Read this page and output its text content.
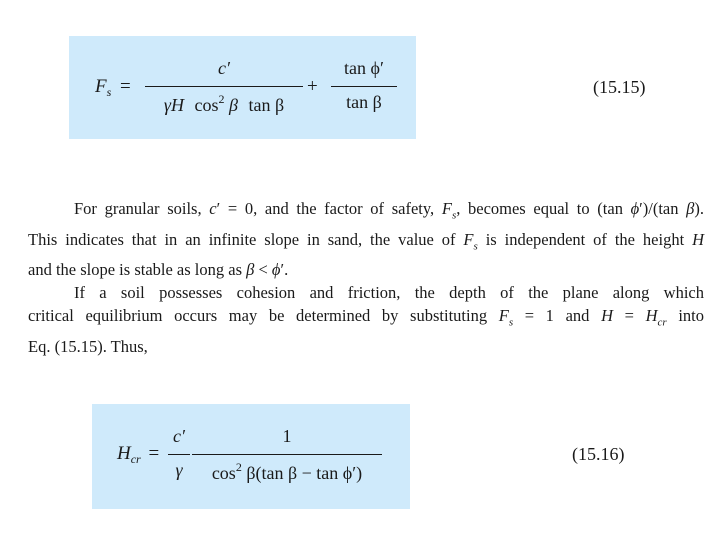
$F_s$ =
c′
γH $\cos^2 \beta$ tan β
+
tan ϕ′
tan β
(15.15)
For granular soils, c′ = 0, and the factor of safety, $F_s$, becomes equal to (tan ϕ′)/(tan β).
This indicates that in an infinite slope in sand, the value of $F_s$ is independent of the height H
and the slope is stable as long as β < ϕ′.
If a soil possesses cohesion and friction, the depth of the plane along which
critical equilibrium occurs may be determined by substituting $F_s = 1$ and $H = H_{cr}$ into
Eq. (15.15). Thus,
$H_{cr}$ =
c′
γ
1
$\cos^2 \beta(\tan$ β − tan ϕ′)
(15.16)
